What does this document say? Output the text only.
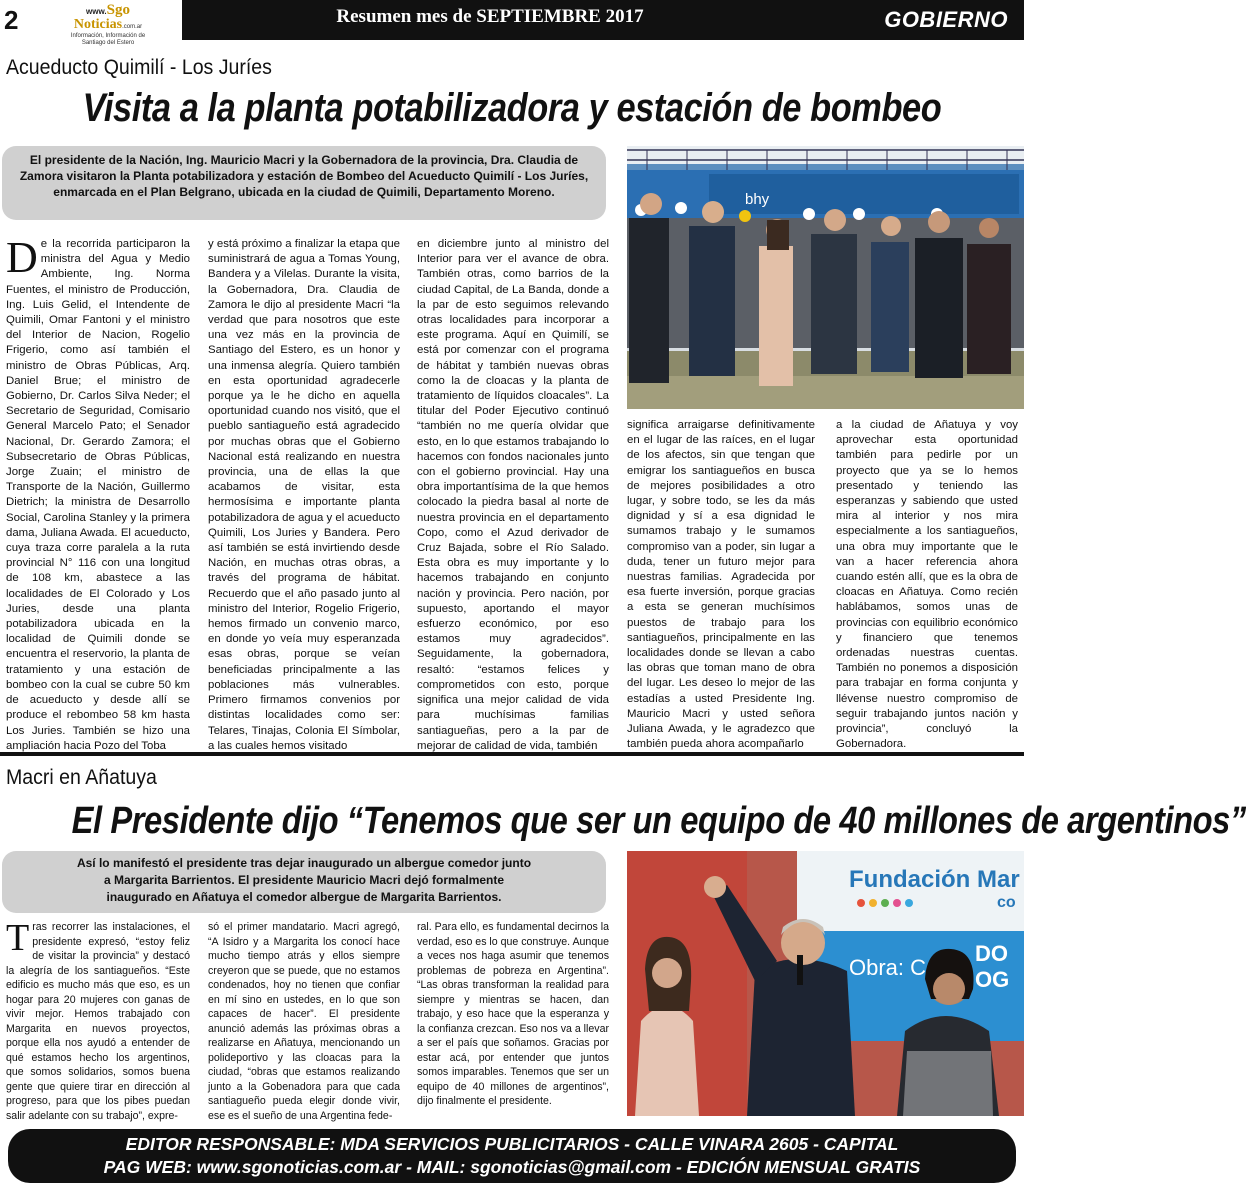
2	www.Sgo
Noticias.com.ar
Información, Información de
Santiago del Estero
Resumen mes de SEPTIEMBRE 2017	GOBIERNO
Acueducto Quimilí - Los Juríes
Visita a la planta potabilizadora y estación de bombeo
El presidente de la Nación, Ing. Mauricio Macri y la Gobernadora de la provincia, Dra. Claudia de Zamora visitaron la Planta potabilizadora y estación de Bombeo del Acueducto Quimilí - Los Juríes, enmarcada en el Plan Belgrano, ubicada en la ciudad de Quimili, Departamento Moreno.	bhy
De la recorrida participaron la ministra del Agua y Medio Ambiente, Ing. Norma Fuentes, el ministro de Producción, Ing. Luis Gelid, el Intendente de Quimili, Omar Fantoni y el ministro del Interior de Nacion, Rogelio Frigerio, como así también el ministro de Obras Públicas, Arq. Daniel Brue; el ministro de Gobierno, Dr. Carlos Silva Neder; el Secretario de Seguridad, Comisario General Marcelo Pato; el Senador Nacional, Dr. Gerardo Zamora; el Subsecretario de Obras Públicas, Jorge Zuain; el ministro de Transporte de la Nación, Guillermo Dietrich; la ministra de Desarrollo Social, Carolina Stanley y la primera dama, Juliana Awada. El acueducto, cuya traza corre paralela a la ruta provincial N° 116 con una longitud de 108 km, abastece a las localidades de El Colorado y Los Juries, desde una planta potabilizadora ubicada en la localidad de Quimili donde se encuentra el reservorio, la planta de tratamiento y una estación de bombeo con la cual se cubre 50 km de acueducto y desde allí se produce el rebombeo 58 km hasta Los Juries. También se hizo una ampliación hacia Pozo del Toba
y está próximo a finalizar la etapa que suministrará de agua a Tomas Young, Bandera y a Vilelas. Durante la visita, la Gobernadora, Dra. Claudia de Zamora le dijo al presidente Macri “la verdad que para nosotros que este una vez más en la provincia de Santiago del Estero, es un honor y una inmensa alegría. Quiero también en esta oportunidad agradecerle porque ya le he dicho en aquella oportunidad cuando nos visitó, que el pueblo santiagueño está agradecido por muchas obras que el Gobierno Nacional está realizando en nuestra provincia, una de ellas la que acabamos de visitar, esta hermosísima e importante planta potabilizadora de agua y el acueducto Quimili, Los Juries y Bandera. Pero así también se está invirtiendo desde Nación, en muchas otras obras, a través del programa de hábitat. Recuerdo que el año pasado junto al ministro del Interior, Rogelio Frigerio, hemos firmado un convenio marco, en donde yo veía muy esperanzada esas obras, porque se veían beneficiadas principalmente a las poblaciones más vulnerables. Primero firmamos convenios por distintas localidades como ser: Telares, Tinajas, Colonia El Símbolar, a las cuales hemos visitado
en diciembre junto al ministro del Interior para ver el avance de obra. También otras, como barrios de la ciudad Capital, de La Banda, donde a la par de esto seguimos relevando otras localidades para incorporar a este programa. Aquí en Quimilí, se está por comenzar con el programa de hábitat y también nuevas obras como la de cloacas y la planta de tratamiento de líquidos cloacales”. La titular del Poder Ejecutivo continuó “también no me quería olvidar que esto, en lo que estamos trabajando lo hacemos con fondos nacionales junto con el gobierno provincial. Hay una obra importantísima de la que hemos colocado la piedra basal al norte de nuestra provincia en el departamento Copo, como el Azud derivador de Cruz Bajada, sobre el Río Salado. Esta obra es muy importante y lo hacemos trabajando en conjunto nación y provincia. Pero nación, por supuesto, aportando el mayor esfuerzo económico, por eso estamos muy agradecidos”. Seguidamente, la gobernadora, resaltó: “estamos felices y comprometidos con esto, porque significa una mejor calidad de vida para muchísimas familias santiagueñas, pero a la par de mejorar de calidad de vida, también
significa arraigarse definitivamente en el lugar de las raíces, en el lugar de los afectos, sin que tengan que emigrar los santiagueños en busca de mejores posibilidades a otro lugar, y sobre todo, se les da más dignidad y sí a esa dignidad le sumamos trabajo y le sumamos compromiso van a poder, sin lugar a duda, tener un futuro mejor para nuestras familias. Agradecida por esa fuerte inversión, porque gracias a esta se generan muchísimos puestos de trabajo para los santiagueños, principalmente en las localidades donde se llevan a cabo las obras que toman mano de obra del lugar. Les deseo lo mejor de las estadías a usted Presidente Ing. Mauricio Macri y usted señora Juliana Awada, y le agradezco que también pueda ahora acompañarlo
a la ciudad de Añatuya y voy aprovechar esta oportunidad también para pedirle por un proyecto que ya se lo hemos presentado y teniendo las esperanzas y sabiendo que usted mira al interior y nos mira especialmente a los santiagueños, una obra muy importante que le van a hacer referencia ahora cuando estén allí, que es la obra de cloacas en Añatuya. Como recién hablábamos, somos unas de provincias con equilibrio económico y financiero que tenemos ordenadas nuestras cuentas. También no ponemos a disposición para trabajar en forma conjunta y llévense nuestro compromiso de seguir trabajando juntos nación y provincia”, concluyó la Gobernadora.
Macri en Añatuya
El Presidente dijo “Tenemos que ser un equipo de 40 millones de argentinos”
Así lo manifestó el presidente tras dejar inaugurado un albergue comedor junto a Margarita Barrientos. El presidente Mauricio Macri dejó formalmente inaugurado en Añatuya el comedor albergue de Margarita Barrientos.
Fundación Mar
co
Obra: C
DO
OG
Tras recorrer las instalaciones, el presidente expresó, “estoy feliz de visitar la provincia” y destacó la alegría de los santiagueños. “Este edificio es mucho más que eso, es un hogar para 20 mujeres con ganas de vivir mejor. Hemos trabajado con Margarita en nuevos proyectos, porque ella nos ayudó a entender de qué estamos hecho los argentinos, que somos solidarios, somos buena gente que quiere tirar en dirección al progreso, para que los pibes puedan salir adelante con su trabajo”, expre-
só el primer mandatario. Macri agregó, “A Isidro y a Margarita los conocí hace mucho tiempo atrás y ellos siempre creyeron que se puede, que no estamos condenados, hoy no tienen que confiar en mí sino en ustedes, en lo que son capaces de hacer”. El presidente anunció además las próximas obras a realizarse en Añatuya, mencionando un polideportivo y las cloacas para la ciudad, “obras que estamos realizando junto a la Gobenadora para que cada santiagueño pueda elegir donde vivir, ese es el sueño de una Argentina fede-
ral. Para ello, es fundamental decirnos la verdad, eso es lo que construye. Aunque a veces nos haga asumir que tenemos problemas de pobreza en Argentina”. “Las obras transforman la realidad para siempre y mientras se hacen, dan trabajo, y eso hace que la esperanza y la confianza crezcan. Eso nos va a llevar a ser el país que soñamos. Gracias por estar acá, por entender que juntos somos imparables. Tenemos que ser un equipo de 40 millones de argentinos”, dijo finalmente el presidente.
EDITOR RESPONSABLE: MDA SERVICIOS PUBLICITARIOS - CALLE VINARA 2605 - CAPITAL
PAG WEB: www.sgonoticias.com.ar - MAIL: sgonoticias@gmail.com - EDICIÓN MENSUAL GRATIS
